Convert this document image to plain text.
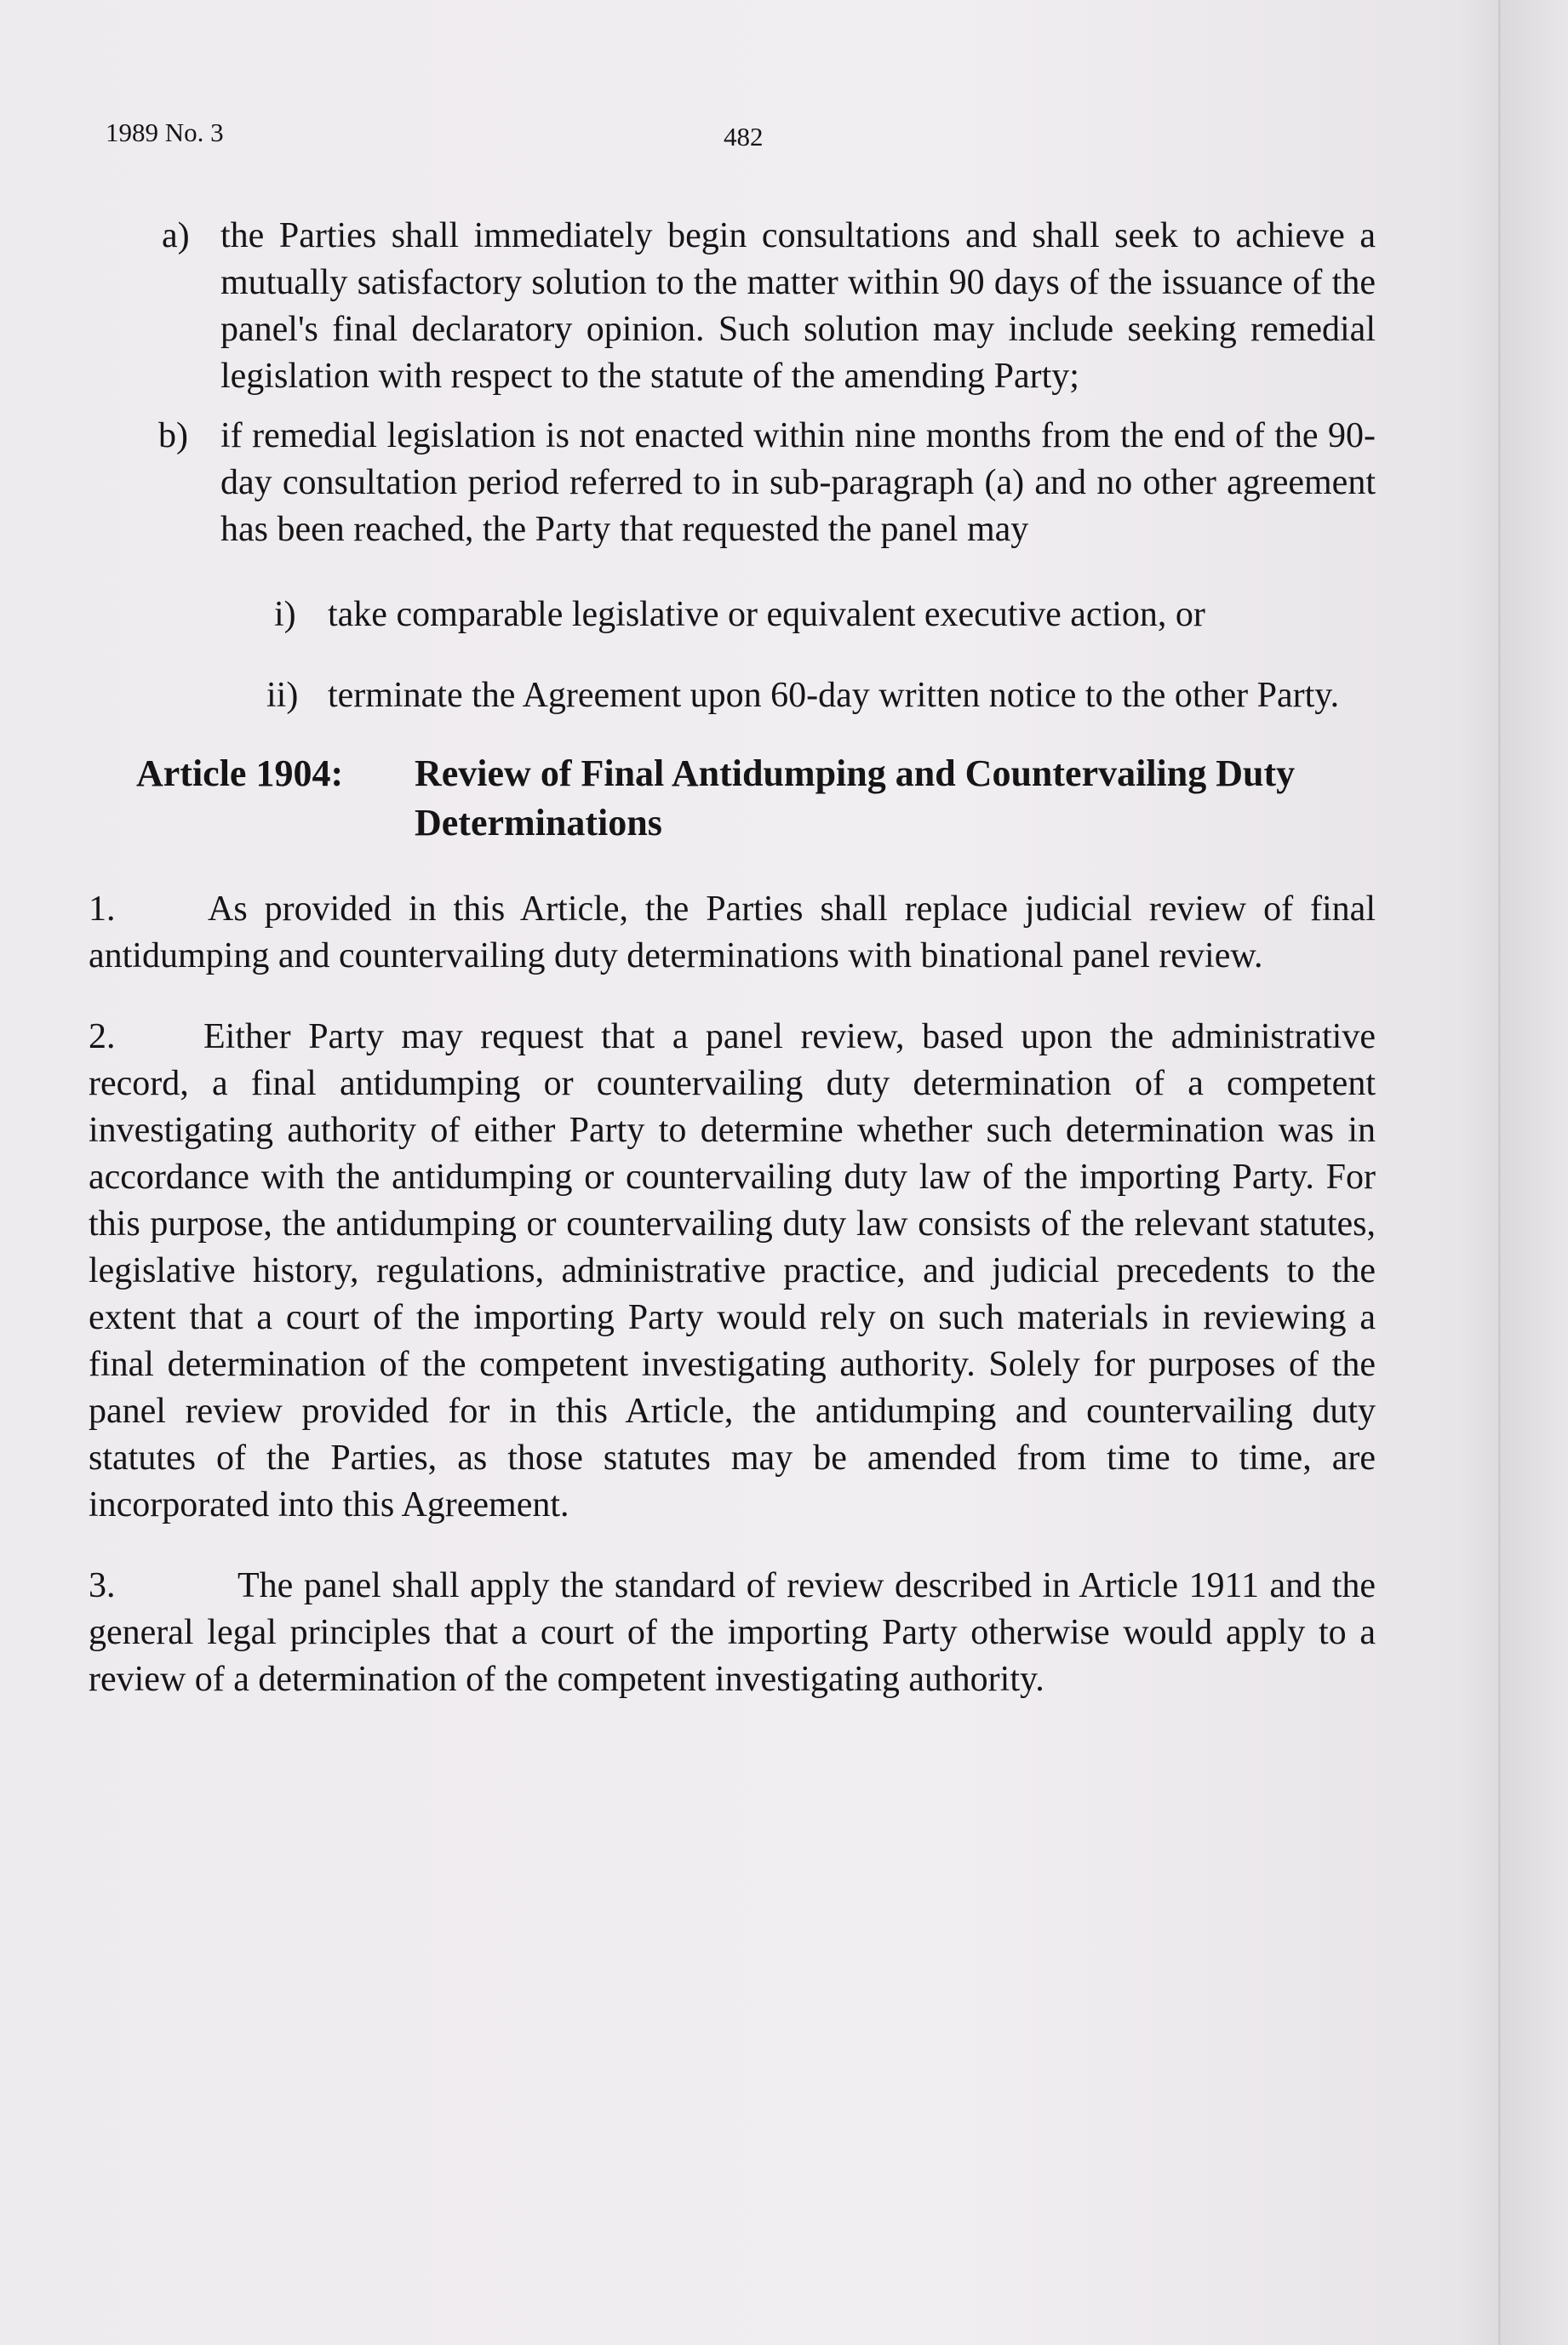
1989 No. 3	482
a) the Parties shall immediately begin consultations and shall seek to achieve a mutually satisfactory solution to the matter within 90 days of the issuance of the panel's final declaratory opinion. Such solution may include seeking remedial legislation with respect to the statute of the amending Party;
b) if remedial legislation is not enacted within nine months from the end of the 90-day consultation period referred to in sub-paragraph (a) and no other agreement has been reached, the Party that requested the panel may
i) take comparable legislative or equivalent executive action, or
ii) terminate the Agreement upon 60-day written notice to the other Party.
Article 1904: Review of Final Antidumping and Countervailing Duty Determinations
1.	As provided in this Article, the Parties shall replace judicial review of final antidumping and countervailing duty determinations with binational panel review.
2. Either Party may request that a panel review, based upon the administrative record, a final antidumping or countervailing duty determination of a competent investigating authority of either Party to determine whether such determination was in accordance with the antidumping or countervailing duty law of the importing Party. For this purpose, the antidumping or countervailing duty law consists of the relevant statutes, legislative history, regulations, administrative practice, and judicial precedents to the extent that a court of the importing Party would rely on such materials in reviewing a final determination of the competent investigating authority. Solely for purposes of the panel review provided for in this Article, the antidumping and countervailing duty statutes of the Parties, as those statutes may be amended from time to time, are incorporated into this Agreement.
3.	The panel shall apply the standard of review described in Article 1911 and the general legal principles that a court of the importing Party otherwise would apply to a review of a determination of the competent investigating authority.
